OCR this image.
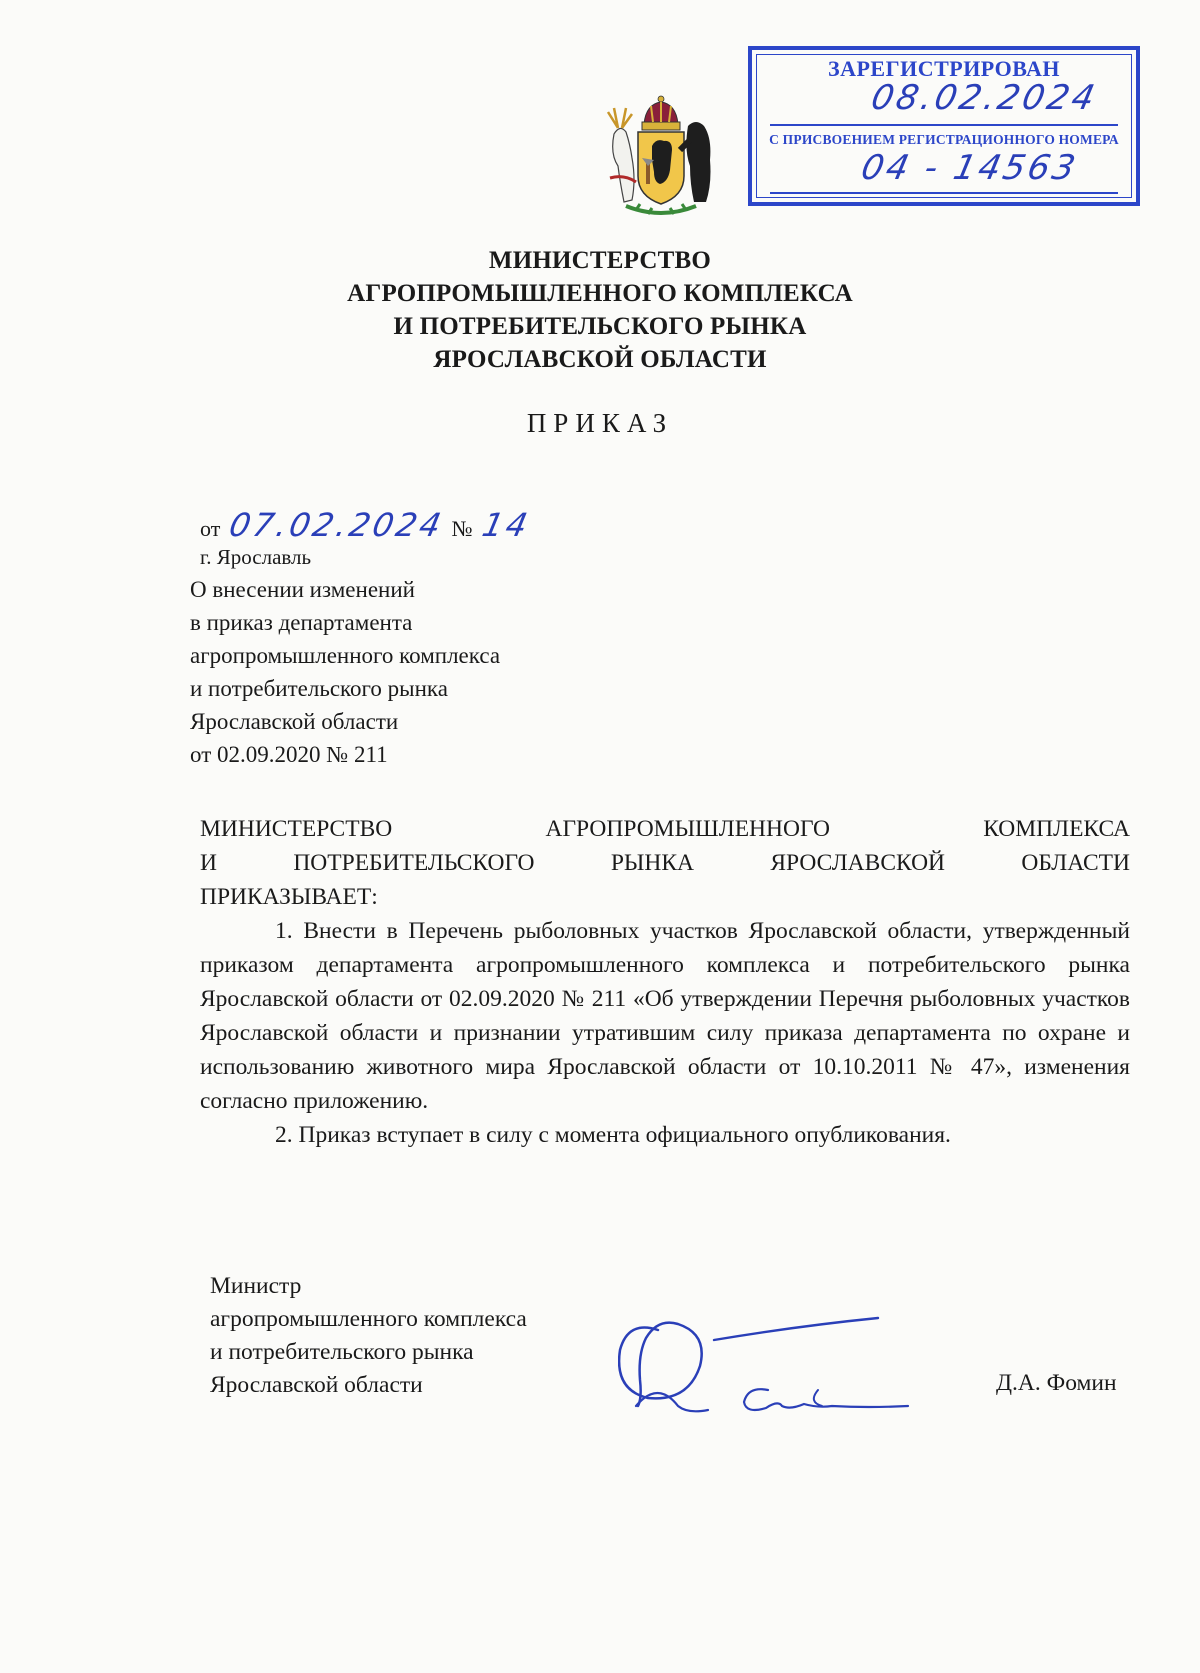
ЗАРЕГИСТРИРОВАН
08.02.2024
С ПРИСВОЕНИЕМ РЕГИСТРАЦИОННОГО НОМЕРА
04 - 14563
МИНИСТЕРСТВО
АГРОПРОМЫШЛЕННОГО КОМПЛЕКСА
И ПОТРЕБИТЕЛЬСКОГО РЫНКА
ЯРОСЛАВСКОЙ ОБЛАСТИ
ПРИКАЗ
от 07.02.2024 № 14
г. Ярославль
О внесении изменений
в приказ департамента
агропромышленного комплекса
и потребительского рынка
Ярославской области
от 02.09.2020 № 211
МИНИСТЕРСТВО АГРОПРОМЫШЛЕННОГО КОМПЛЕКСА
И ПОТРЕБИТЕЛЬСКОГО РЫНКА ЯРОСЛАВСКОЙ ОБЛАСТИ

ПРИКАЗЫВАЕТ:

1. Внести в Перечень рыболовных участков Ярославской области, утвержденный приказом департамента агропромышленного комплекса и потребительского рынка Ярославской области от 02.09.2020 № 211 «Об утверждении Перечня рыболовных участков Ярославской области и признании утратившим силу приказа департамента по охране и использованию животного мира Ярославской области от 10.10.2011 № 47», изменения согласно приложению.

2. Приказ вступает в силу с момента официального опубликования.

Министр
агропромышленного комплекса
и потребительского рынка
Ярославской области	Д.А. Фомин
